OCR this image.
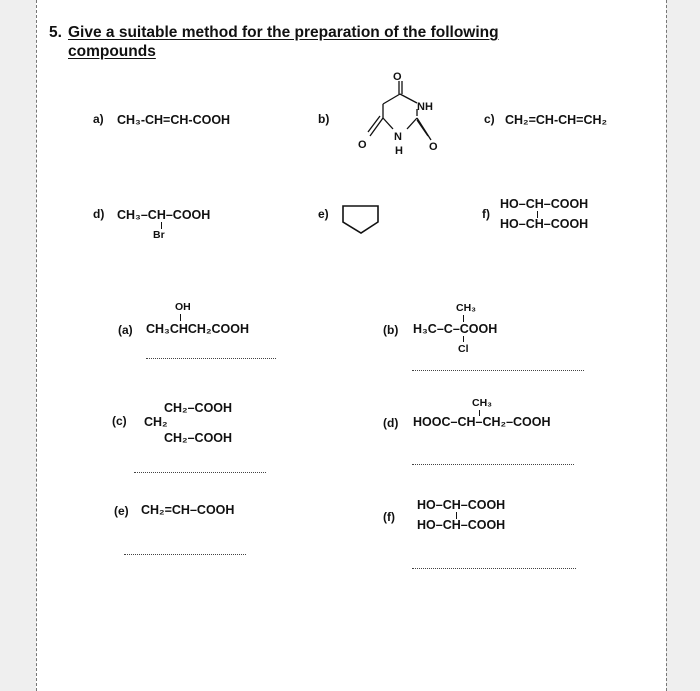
5. Give a suitable method for the preparation of the following
compounds
a) CH₃-CH=CH-COOH	b)
O
NH
N
H
O	O
c) CH₂=CH-CH=CH₂
d) CH₃–CH–COOH
Br
e)	f)
HO–CH–COOH
HO–CH–COOH
OH
(a) CH₃CHCH₂COOH
CH₃
(b) H₃C–C–COOH
Cl
CH₂–COOH
(c) CH₂
CH₂–COOH
CH₃
(d) HOOC–CH–CH₂–COOH
(e) CH₂=CH–COOH	(f)
HO–CH–COOH
HO–CH–COOH
